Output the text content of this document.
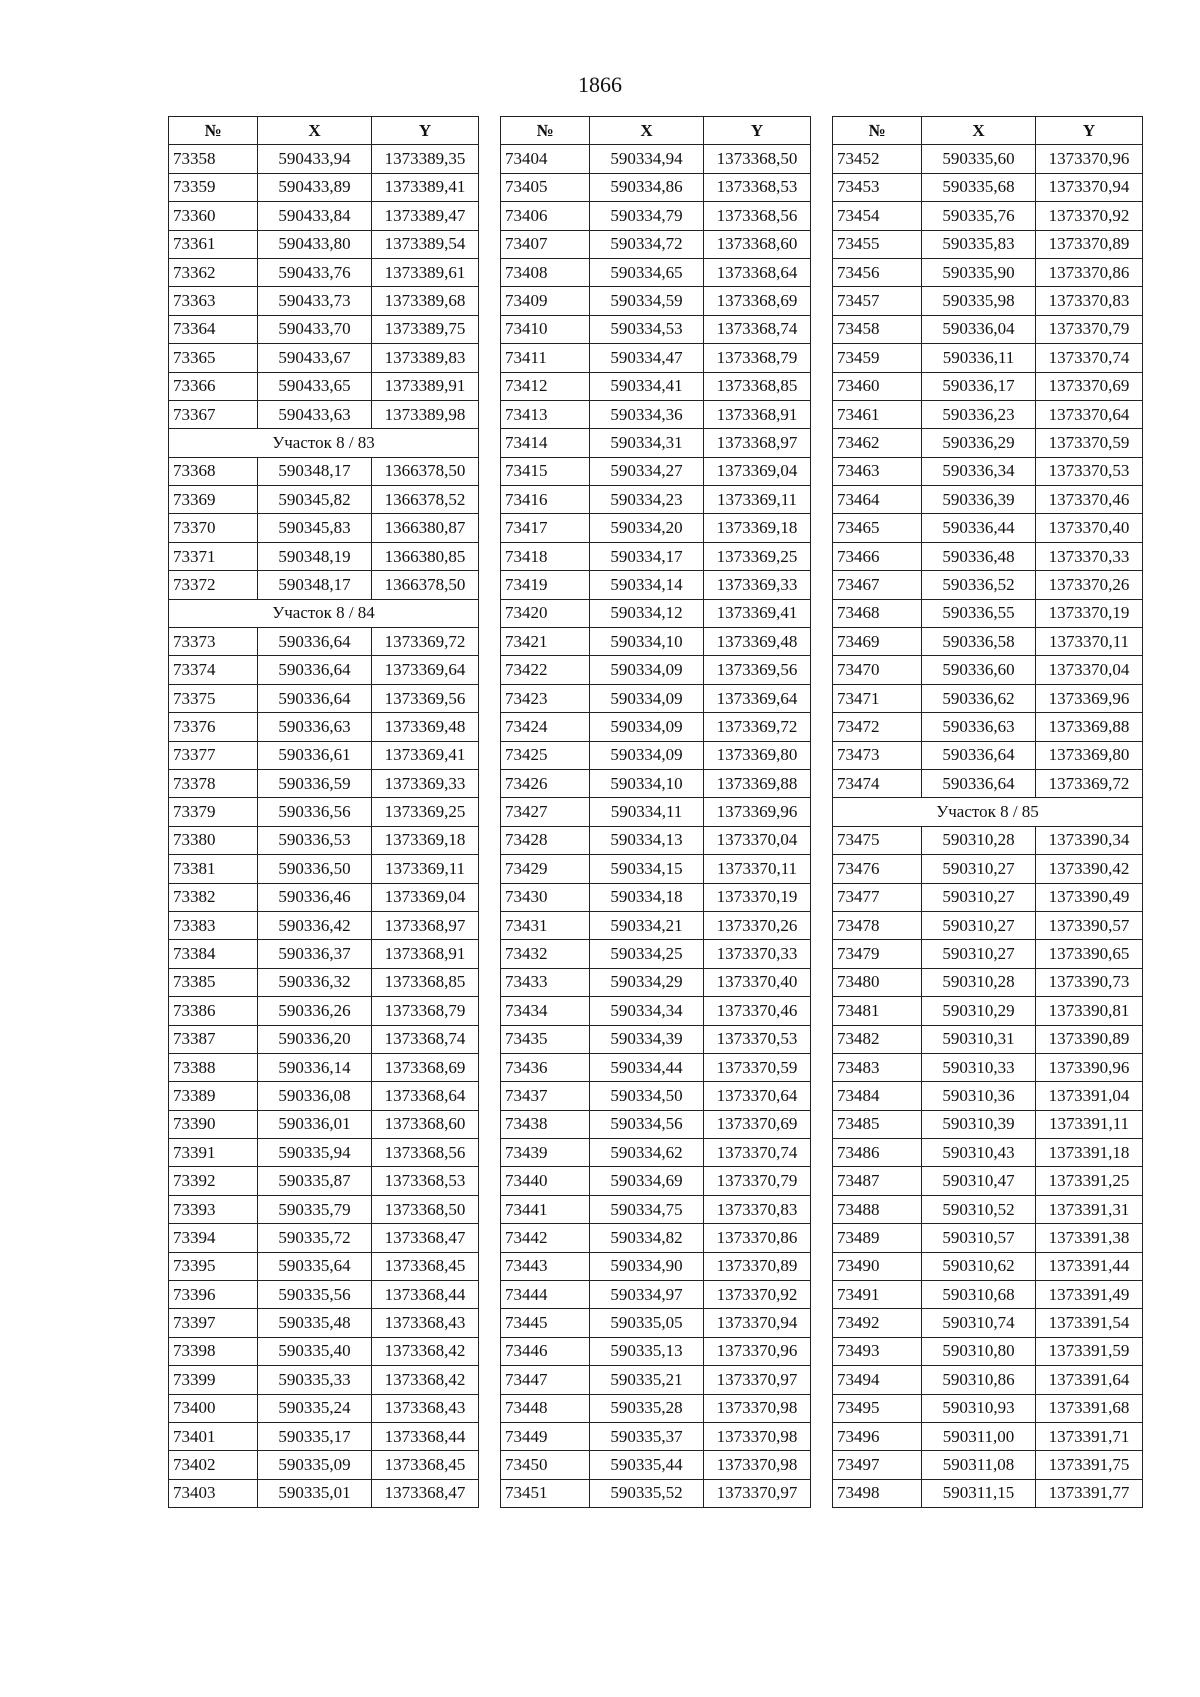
1866
№	X	Y
73358	590433,94	1373389,35
73359	590433,89	1373389,41
73360	590433,84	1373389,47
73361	590433,80	1373389,54
73362	590433,76	1373389,61
73363	590433,73	1373389,68
73364	590433,70	1373389,75
73365	590433,67	1373389,83
73366	590433,65	1373389,91
73367	590433,63	1373389,98
Участок 8 / 83		
73368	590348,17	1366378,50
73369	590345,82	1366378,52
73370	590345,83	1366380,87
73371	590348,19	1366380,85
73372	590348,17	1366378,50
Участок 8 / 84		
73373	590336,64	1373369,72
73374	590336,64	1373369,64
73375	590336,64	1373369,56
73376	590336,63	1373369,48
73377	590336,61	1373369,41
73378	590336,59	1373369,33
73379	590336,56	1373369,25
73380	590336,53	1373369,18
73381	590336,50	1373369,11
73382	590336,46	1373369,04
73383	590336,42	1373368,97
73384	590336,37	1373368,91
73385	590336,32	1373368,85
73386	590336,26	1373368,79
73387	590336,20	1373368,74
73388	590336,14	1373368,69
73389	590336,08	1373368,64
73390	590336,01	1373368,60
73391	590335,94	1373368,56
73392	590335,87	1373368,53
73393	590335,79	1373368,50
73394	590335,72	1373368,47
73395	590335,64	1373368,45
73396	590335,56	1373368,44
73397	590335,48	1373368,43
73398	590335,40	1373368,42
73399	590335,33	1373368,42
73400	590335,24	1373368,43
73401	590335,17	1373368,44
73402	590335,09	1373368,45
73403	590335,01	1373368,47
№	X	Y
73404	590334,94	1373368,50
73405	590334,86	1373368,53
73406	590334,79	1373368,56
73407	590334,72	1373368,60
73408	590334,65	1373368,64
73409	590334,59	1373368,69
73410	590334,53	1373368,74
73411	590334,47	1373368,79
73412	590334,41	1373368,85
73413	590334,36	1373368,91
73414	590334,31	1373368,97
73415	590334,27	1373369,04
73416	590334,23	1373369,11
73417	590334,20	1373369,18
73418	590334,17	1373369,25
73419	590334,14	1373369,33
73420	590334,12	1373369,41
73421	590334,10	1373369,48
73422	590334,09	1373369,56
73423	590334,09	1373369,64
73424	590334,09	1373369,72
73425	590334,09	1373369,80
73426	590334,10	1373369,88
73427	590334,11	1373369,96
73428	590334,13	1373370,04
73429	590334,15	1373370,11
73430	590334,18	1373370,19
73431	590334,21	1373370,26
73432	590334,25	1373370,33
73433	590334,29	1373370,40
73434	590334,34	1373370,46
73435	590334,39	1373370,53
73436	590334,44	1373370,59
73437	590334,50	1373370,64
73438	590334,56	1373370,69
73439	590334,62	1373370,74
73440	590334,69	1373370,79
73441	590334,75	1373370,83
73442	590334,82	1373370,86
73443	590334,90	1373370,89
73444	590334,97	1373370,92
73445	590335,05	1373370,94
73446	590335,13	1373370,96
73447	590335,21	1373370,97
73448	590335,28	1373370,98
73449	590335,37	1373370,98
73450	590335,44	1373370,98
73451	590335,52	1373370,97
№	X	Y
73452	590335,60	1373370,96
73453	590335,68	1373370,94
73454	590335,76	1373370,92
73455	590335,83	1373370,89
73456	590335,90	1373370,86
73457	590335,98	1373370,83
73458	590336,04	1373370,79
73459	590336,11	1373370,74
73460	590336,17	1373370,69
73461	590336,23	1373370,64
73462	590336,29	1373370,59
73463	590336,34	1373370,53
73464	590336,39	1373370,46
73465	590336,44	1373370,40
73466	590336,48	1373370,33
73467	590336,52	1373370,26
73468	590336,55	1373370,19
73469	590336,58	1373370,11
73470	590336,60	1373370,04
73471	590336,62	1373369,96
73472	590336,63	1373369,88
73473	590336,64	1373369,80
73474	590336,64	1373369,72
Участок 8 / 85		
73475	590310,28	1373390,34
73476	590310,27	1373390,42
73477	590310,27	1373390,49
73478	590310,27	1373390,57
73479	590310,27	1373390,65
73480	590310,28	1373390,73
73481	590310,29	1373390,81
73482	590310,31	1373390,89
73483	590310,33	1373390,96
73484	590310,36	1373391,04
73485	590310,39	1373391,11
73486	590310,43	1373391,18
73487	590310,47	1373391,25
73488	590310,52	1373391,31
73489	590310,57	1373391,38
73490	590310,62	1373391,44
73491	590310,68	1373391,49
73492	590310,74	1373391,54
73493	590310,80	1373391,59
73494	590310,86	1373391,64
73495	590310,93	1373391,68
73496	590311,00	1373391,71
73497	590311,08	1373391,75
73498	590311,15	1373391,77
